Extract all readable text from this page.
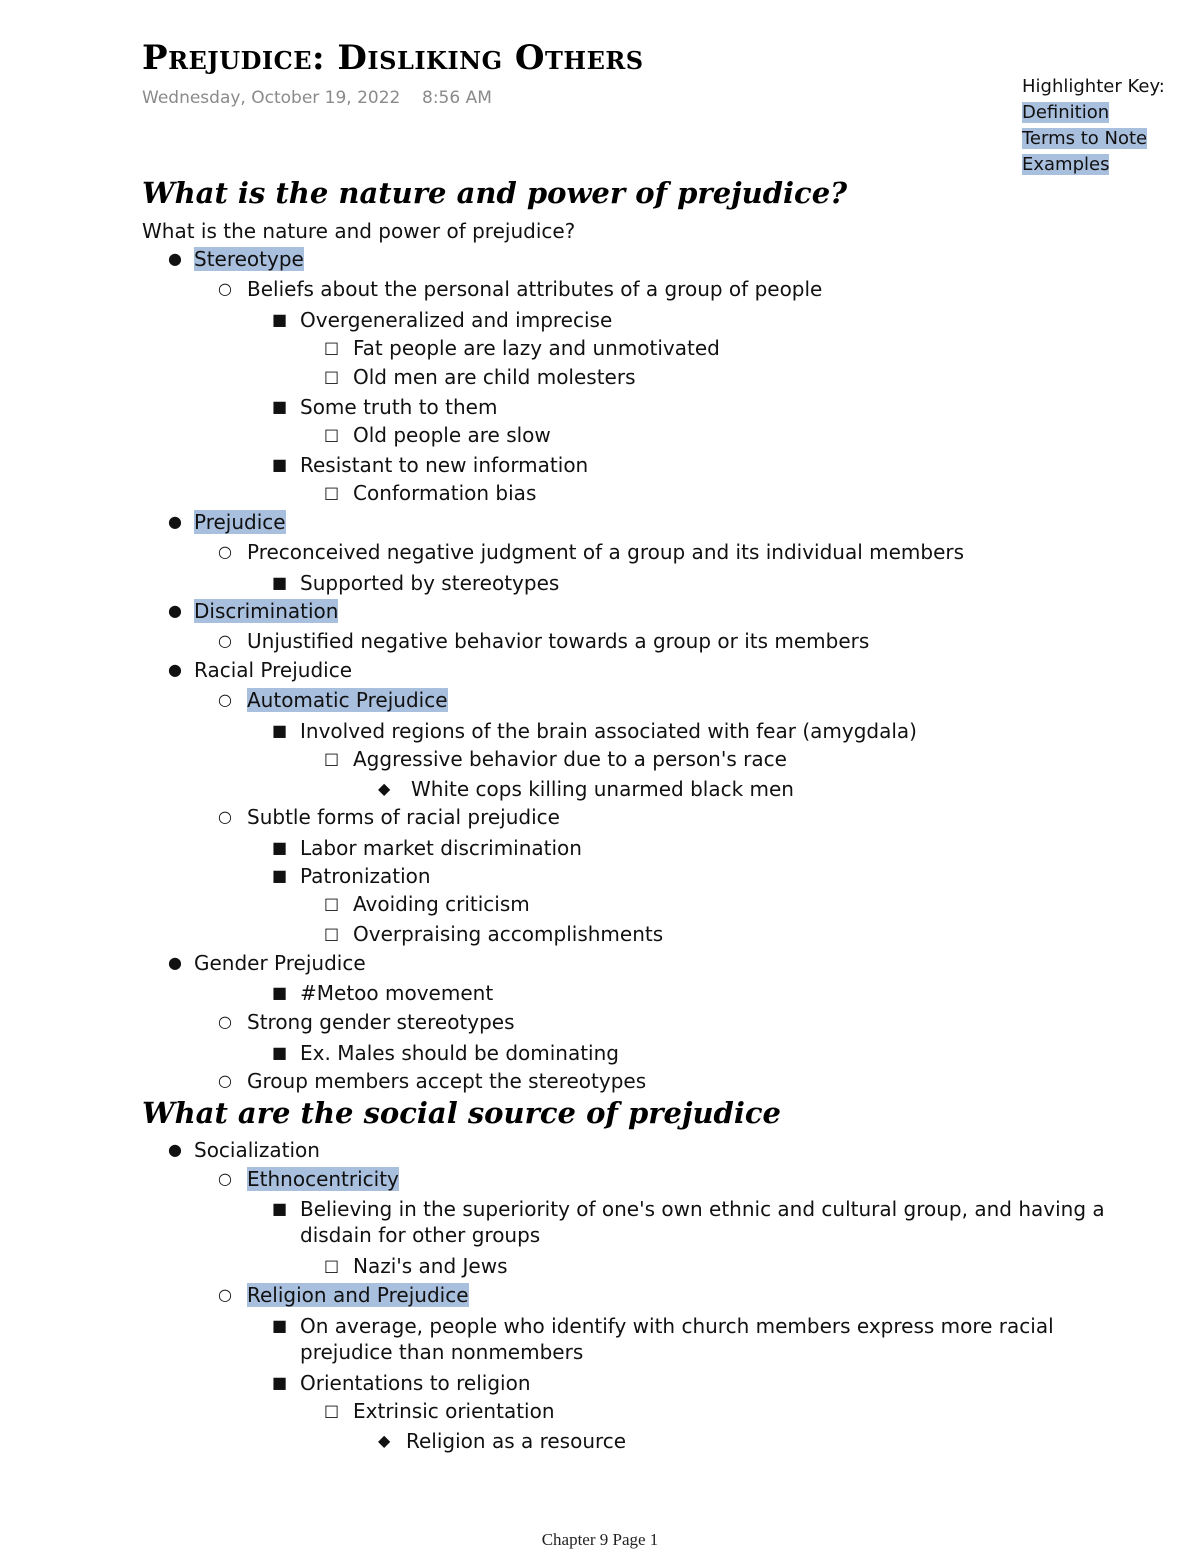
Prejudice: Disliking Others
Wednesday, October 19, 2022 8:56 AM
Highlighter Key:
Definition
Terms to Note
Examples
What is the nature and power of prejudice?
What is the nature and power of prejudice?
● Stereotype
○ Beliefs about the personal attributes of a group of people
■ Overgeneralized and imprecise
□ Fat people are lazy and unmotivated
□ Old men are child molesters
■ Some truth to them
□ Old people are slow
■ Resistant to new information
□ Conformation bias
● Prejudice
○ Preconceived negative judgment of a group and its individual members
■ Supported by stereotypes
● Discrimination
○ Unjustified negative behavior towards a group or its members
● Racial Prejudice
○ Automatic Prejudice
■ Involved regions of the brain associated with fear (amygdala)
□ Aggressive behavior due to a person's race
◆ White cops killing unarmed black men
○ Subtle forms of racial prejudice
■ Labor market discrimination
■ Patronization
□ Avoiding criticism
□ Overpraising accomplishments
● Gender Prejudice
■ #Metoo movement
○ Strong gender stereotypes
■ Ex. Males should be dominating
○ Group members accept the stereotypes
What are the social source of prejudice
● Socialization
○ Ethnocentricity
■ Believing in the superiority of one's own ethnic and cultural group, and having a disdain for other groups
□ Nazi's and Jews
○ Religion and Prejudice
■ On average, people who identify with church members express more racial prejudice than nonmembers
■ Orientations to religion
□ Extrinsic orientation
◆ Religion as a resource
Chapter 9 Page 1
